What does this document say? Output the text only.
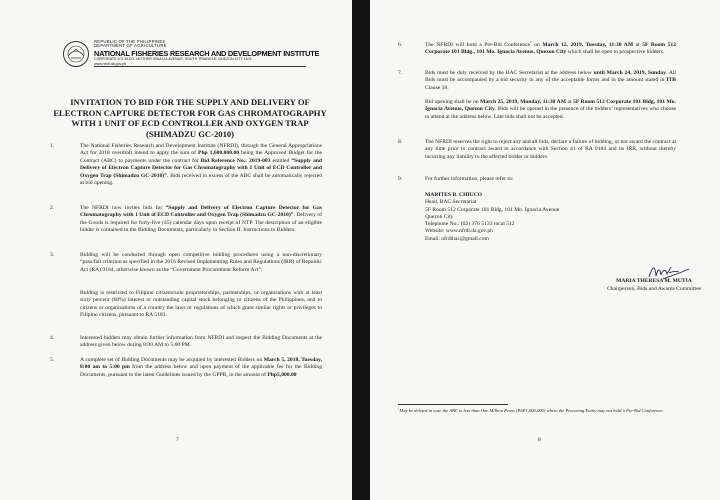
REPUBLIC OF THE PHILIPPINES
DEPARTMENT OF AGRICULTURE
NATIONAL FISHERIES RESEARCH AND DEVELOPMENT INSTITUTE
CORPORATE 101 BLDG, MOTHER IGNACIA AVENUE, SOUTH TRIANGLE, QUEZON CITY 1103
www.nfrdi.da.gov.ph

INVITATION TO BID FOR THE SUPPLY AND DELIVERY OF ELECTRON CAPTURE DETECTOR FOR GAS CHROMATOGRAPHY WITH 1 UNIT OF ECD CONTROLLER AND OXYGEN TRAP (SHIMADZU GC-2010)

1.	The National Fisheries Research and Development Institute (NFRDI), through the General Appropriations Act for 2018 overdraft intend to apply the sum of Php 1,600,000.00 being the Approved Budget for the Contract (ABC) to payments under the contract for Bid Reference No.: 2019-003 entitled “Supply and Delivery of Electron Capture Detector for Gas Chromatography with 1 Unit of ECD Controller and Oxygen Trap (Shimadzu GC-2010)”. Bids received in excess of the ABC shall be automatically rejected at bid opening.

2.	The NFRDI now invites bids for “Supply and Delivery of Electron Capture Detector for Gas Chromatography with 1 Unit of ECD Controller and Oxygen Trap (Shimadzu GC-2010)”. Delivery of the Goods is required for forty-five (45) calendar days upon receipt of NTP. The description of an eligible bidder is contained in the Bidding Documents, particularly in Section II. Instructions to Bidders.

3.	Bidding will be conducted through open competitive bidding procedures using a non-discretionary “pass/fail criterion as specified in the 2016 Revised Implementing Rules and Regulations (IRR) of Republic Act (RA) 9184, otherwise known as the “Government Procurement Reform Act”.

Bidding is restricted to Filipino citizens/sole proprietorships, partnerships, or organizations with at least sixty percent (60%) interest or outstanding capital stock belonging to citizens of the Philippines, and to citizens or organizations of a country the laws or regulations of which grant similar rights or privileges to Filipino citizens, pursuant to RA 5183.

4.	Interested bidders may obtain further information from NFRDI and inspect the Bidding Documents at the address given below during 8:00 AM to 5:00 PM.

5.	A complete set of Bidding Documents may be acquired by interested Bidders on March 5, 2018, Tuesday, 8:00 am to 5:00 pm from the address below and upon payment of the applicable fee for the Bidding Documents, pursuant to the latest Guidelines issued by the GPPB, in the amount of Php5,000.00

7
6.	The NFRDI will hold a Pre-Bid Conference$^1$ on March 12, 2019, Tuesday, 11:30 AM at 5F Room 512 Corporate 101 Bldg., 101 Mo. Ignacia Avenue, Quezon City which shall be open to prospective bidders.

7.	Bids must be duly received by the BAC Secretariat at the address below until March 24, 2019, Sunday. All Bids must be accompanied by a bid security in any of the acceptable forms and in the amount stated in ITB Clause 18.

Bid opening shall be on March 25, 2019, Monday, 11:30 AM at 5F Room 512 Corporate 101 Bldg, 101 Mo. Ignacia Avenue, Quezon City. Bids will be opened in the presence of the bidders’ representatives who choose to attend at the address below. Late bids shall not be accepted.

8.	The NFRDI reserves the right to reject any and all bids, declare a failure of bidding, or not award the contract at any time prior to contract award in accordance with Section 41 of RA 9184 and its IRR, without thereby incurring any liability to the affected bidder or bidders.

9.	For further information, please refer to:

MARITES B. CHIUCO
Head, BAC Secretariat
5F Room 512 Corporate 101 Bldg, 101 Mo. Ignacia Avenue
Quezon City
Telephone No.: (02) 376 5133 local 512
Website: www.nfrdi.da.gov.ph
Email: nfrdibac@gmail.com
MARIA THERESA M. MUTIA
Chairperson, Bids and Awards Committee

$^1$May be deleted in case the ABC is less than One Million Pesos (PhP1,000,000) where the Procuring Entity may not hold a Pre-Bid Conference.

8
